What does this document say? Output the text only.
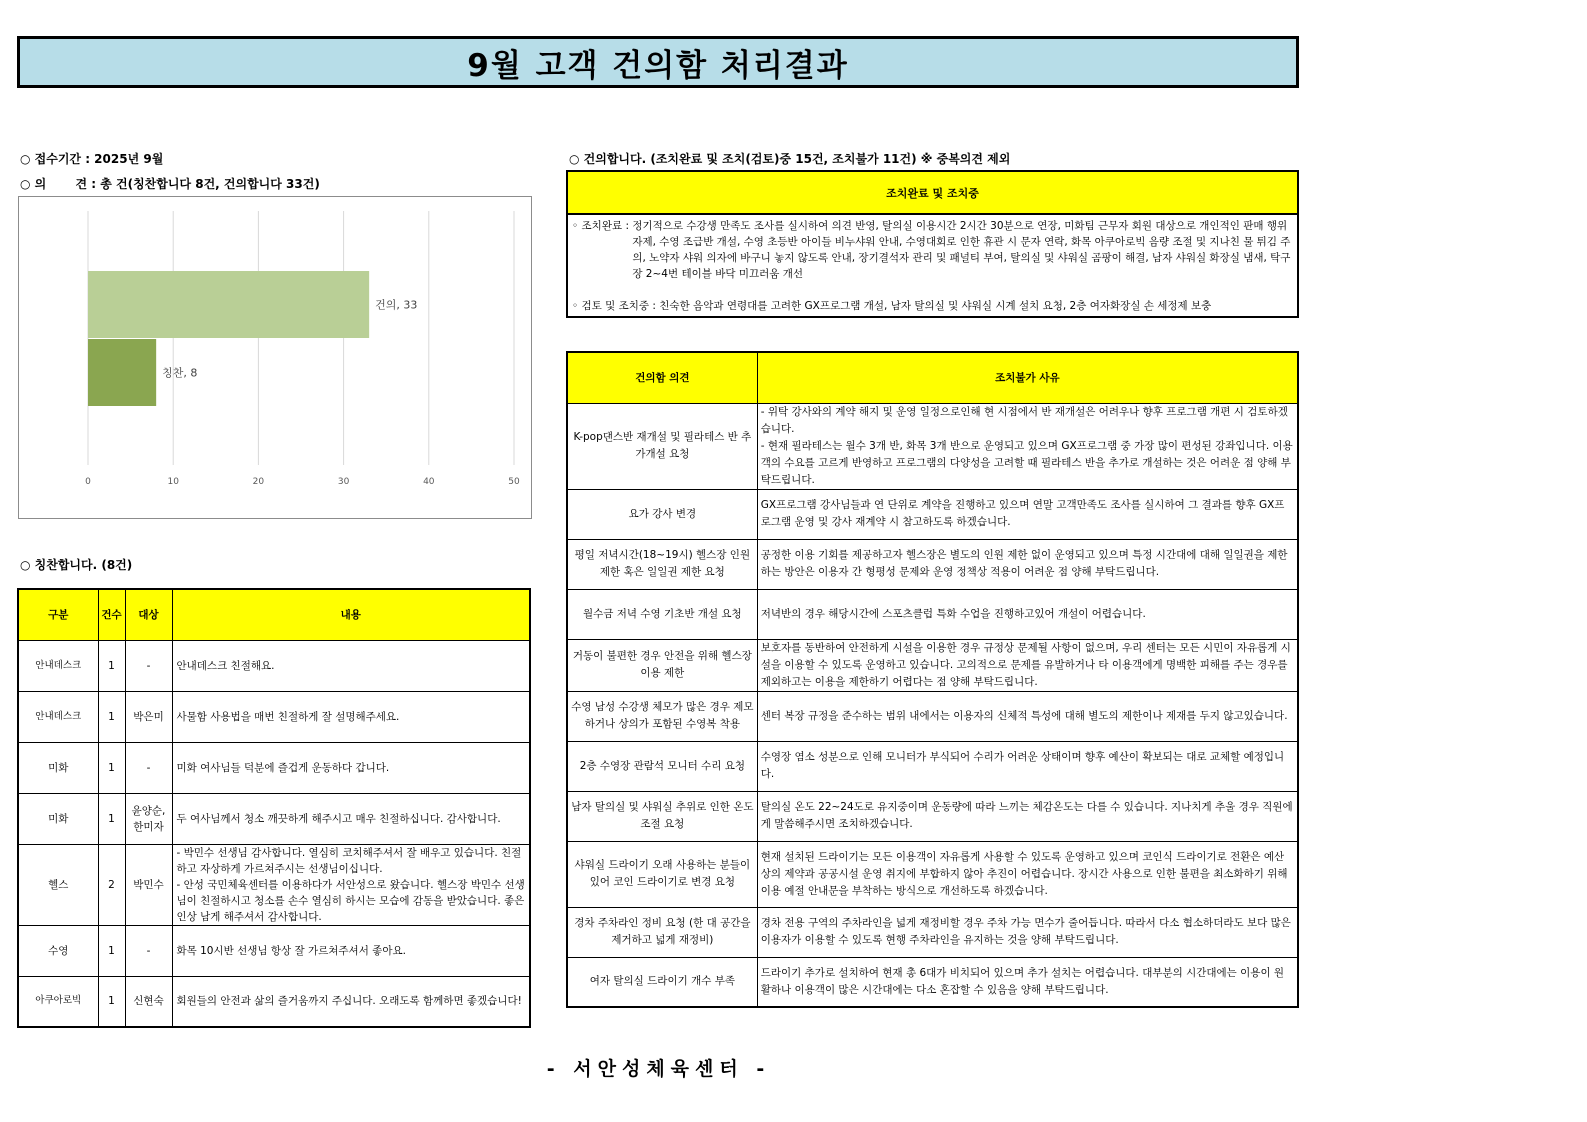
9월 고객 건의함 처리결과
○ 접수기간 : 2025년 9월
○ 의       견 : 총 건(칭찬합니다 8건, 건의합니다 33건)
0	10	20	30	40	50
건의, 33
칭찬, 8
○ 칭찬합니다. (8건)
구분	건수	대상	내용
안내데스크	1	-	안내데스크 친절해요.

안내데스크	1	박은미	사물함 사용법을 매번 친절하게 잘 설명해주세요.

미화	1	-	미화 여사님들 덕분에 즐겁게 운동하다 갑니다.

미화	1	윤양순, 한미자	두 여사님께서 청소 깨끗하게 해주시고 매우 친절하십니다. 감사합니다.

헬스	2	박민수	- 박민수 선생님 감사합니다. 열심히 코치해주셔서 잘 배우고 있습니다. 친절하고 자상하게 가르쳐주시는 선생님이십니다.
- 안성 국민체육센터를 이용하다가 서안성으로 왔습니다. 헬스장 박민수 선생님이 친절하시고 청소를 손수 열심히 하시는 모습에 감동을 받았습니다. 좋은 인상 남게 해주셔서 감사합니다.

수영	1	-	화목 10시반 선생님 항상 잘 가르쳐주셔서 좋아요.

아쿠아로빅	1	신현숙	회원들의 안전과 삶의 즐거움까지 주십니다. 오래도록 함께하면 좋겠습니다!
○ 건의합니다. (조치완료 및 조치(검토)중 15건, 조치불가 11건) ※ 중복의견 제외
조치완료 및 조치중
◦ 조치완료 : 정기적으로 수강생 만족도 조사를 실시하여 의견 반영, 탈의실 이용시간 2시간 30분으로 연장, 미화팀 근무자 회원 대상으로 개인적인 판매 행위 자제, 수영 조급반 개설, 수영 초등반 아이들 비누샤워 안내, 수영대회로 인한 휴관 시 문자 연락, 화목 아쿠아로빅 음량 조절 및 지나친 물 튀김 주의, 노약자 샤워 의자에 바구니 놓지 않도록 안내, 장기결석자 관리 및 패널티 부여, 탈의실 및 샤워실 곰팡이 해결, 남자 샤워실 화장실 냄새, 탁구장 2~4번 테이블 바닥 미끄러움 개선
◦ 검토 및 조치중 : 친숙한 음악과 연령대를 고려한 GX프로그램 개설, 남자 탈의실 및 샤워실 시계 설치 요청, 2층 여자화장실 손 세정제 보충
건의함 의견	조치불가 사유
K-pop댄스반 재개설 및 필라테스 반 추가개설 요청	- 위탁 강사와의 계약 해지 및 운영 일정으로인해 현 시점에서 반 재개설은 어려우나 향후 프로그램 개편 시 검토하겠습니다.
- 현재 필라테스는 월수 3개 반, 화목 3개 반으로 운영되고 있으며 GX프로그램 중 가장 많이 편성된 강좌입니다. 이용객의 수요를 고르게 반영하고 프로그램의 다양성을 고려할 때 필라테스 반을 추가로 개설하는 것은 어려운 점 양해 부탁드립니다.

요가 강사 변경	GX프로그램 강사님들과 연 단위로 계약을 진행하고 있으며 연말 고객만족도 조사를 실시하여 그 결과를 향후 GX프로그램 운영 및 강사 재계약 시 참고하도록 하겠습니다.

평일 저녁시간(18~19시) 헬스장 인원 제한 혹은 일일권 제한 요청	공정한 이용 기회를 제공하고자 헬스장은 별도의 인원 제한 없이 운영되고 있으며 특정 시간대에 대해 일일권을 제한하는 방안은 이용자 간 형평성 문제와 운영 정책상 적용이 어려운 점 양해 부탁드립니다.

월수금 저녁 수영 기초반 개설 요청	저녁반의 경우 해당시간에 스포츠클럽 특화 수업을 진행하고있어 개설이 어렵습니다.

거동이 불편한 경우 안전을 위해 헬스장 이용 제한	보호자를 동반하여 안전하게 시설을 이용한 경우 규정상 문제될 사항이 없으며, 우리 센터는 모든 시민이 자유롭게 시설을 이용할 수 있도록 운영하고 있습니다. 고의적으로 문제를 유발하거나 타 이용객에게 명백한 피해를 주는 경우를 제외하고는 이용을 제한하기 어렵다는 점 양해 부탁드립니다.

수영 남성 수강생 체모가 많은 경우 제모하거나 상의가 포함된 수영복 착용	센터 복장 규정을 준수하는 범위 내에서는 이용자의 신체적 특성에 대해 별도의 제한이나 제재를 두지 않고있습니다.

2층 수영장 관람석 모니터 수리 요청	수영장 염소 성분으로 인해 모니터가 부식되어 수리가 어려운 상태이며 향후 예산이 확보되는 대로 교체할 예정입니다.

남자 탈의실 및 샤워실 추위로 인한 온도 조절 요청	탈의실 온도 22~24도로 유지중이며 운동량에 따라 느끼는 체감온도는 다를 수 있습니다. 지나치게 추울 경우 직원에게 말씀해주시면 조치하겠습니다.

샤워실 드라이기 오래 사용하는 분들이 있어 코인 드라이기로 변경 요청	현재 설치된 드라이기는 모든 이용객이 자유롭게 사용할 수 있도록 운영하고 있으며 코인식 드라이기로 전환은 예산상의 제약과 공공시설 운영 취지에 부합하지 않아 추진이 어렵습니다. 장시간 사용으로 인한 불편을 최소화하기 위해 이용 예절 안내문을 부착하는 방식으로 개선하도록 하겠습니다.

경차 주차라인 정비 요청 (한 대 공간을 제거하고 넓게 재정비)	경차 전용 구역의 주차라인을 넓게 재정비할 경우 주차 가능 면수가 줄어듭니다. 따라서 다소 협소하더라도 보다 많은 이용자가 이용할 수 있도록 현행 주차라인을 유지하는 것을 양해 부탁드립니다.

여자 탈의실 드라이기 개수 부족	드라이기 추가로 설치하여 현재 총 6대가 비치되어 있으며 추가 설치는 어렵습니다. 대부분의 시간대에는 이용이 원활하나 이용객이 많은 시간대에는 다소 혼잡할 수 있음을 양해 부탁드립니다.
- 서안성체육센터 -
